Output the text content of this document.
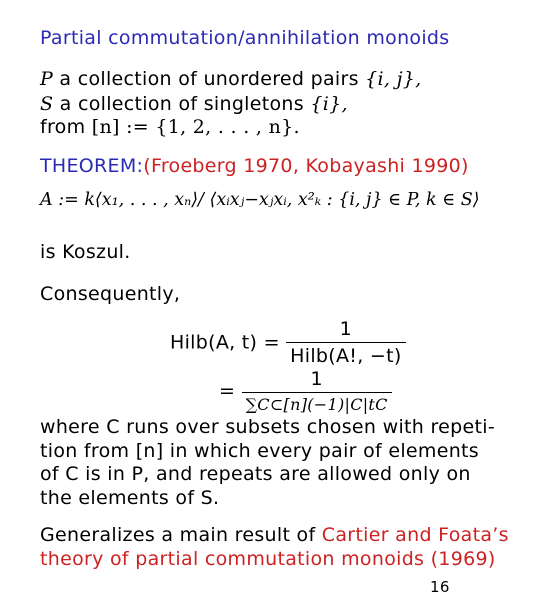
Partial commutation/annihilation monoids
P a collection of unordered pairs {i, j},
S a collection of singletons {i},
from [n] := {1, 2, . . . , n}.
THEOREM:(Froeberg 1970, Kobayashi 1990)
A := k⟨x₁, . . . , xₙ⟩/ ⟨xᵢxⱼ−xⱼxᵢ, x²ₖ : {i, j} ∈ P, k ∈ S⟩
is Koszul.
Consequently,
Hilb(A, $t) = \frac{1}{\text{Hilb(A!, −t)}}$
= $\frac{1}{\sum C\subset[n](-1)|C|tC}$
where C runs over subsets chosen with repeti-
tion from [n] in which every pair of elements
of C is in P, and repeats are allowed only on
the elements of S.
Generalizes a main result of Cartier and Foata’s
theory of partial commutation monoids (1969)
16
